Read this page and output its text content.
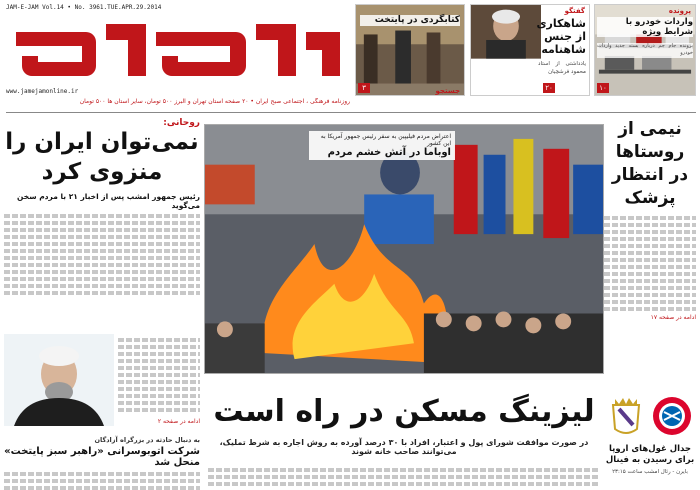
JAM-E-JAM Vol.14 • No. 3961.TUE.APR.29.2014
www.jamejamonline.ir
روزنامه فرهنگی ، اجتماعی صبح ایران • ۲۰ صفحه استان تهران و البرز ۵۰۰ تومان، سایر استان ها ۵۰۰ تومان
جستجو
کتابگردی در پایتخت
۳
گفتگو
شاهکاری از جنس شاهنامه
یادداشتی از استاد محمود فرشچیان
۲۰
پرونده
واردات خودرو با شرایط ویژه
پرونده جام جم درباره بسته جدید واردات خودرو
۱۰
روحانی:
نمی‌توان ایران را منزوی کرد
رئیس جمهور امشب پس از اخبار ۲۱ با مردم سخن می‌گوید
ادامه در صفحه ۲
به دنبال حادثه در بزرگراه آزادگان
شرکت اتوبوسرانی «راهبر سبز پایتخت» منحل شد
اعتراض مردم فیلیپین به سفر رئیس جمهور آمریکا به این کشور
اوباما در آتش خشم مردم
لیزینگ مسکن در راه است
در صورت موافقت شورای پول و اعتبار، افراد با ۳۰ درصد آورده به روش اجاره به شرط تملیک، می‌توانند صاحب خانه شوند
نیمی از روستاها در انتظار پزشک
ادامه در صفحه ۱۷
جدال غول‌های اروپا برای رسیدن به فینال
بایرن - رئال امشب ساعت ۲۳:۱۵
